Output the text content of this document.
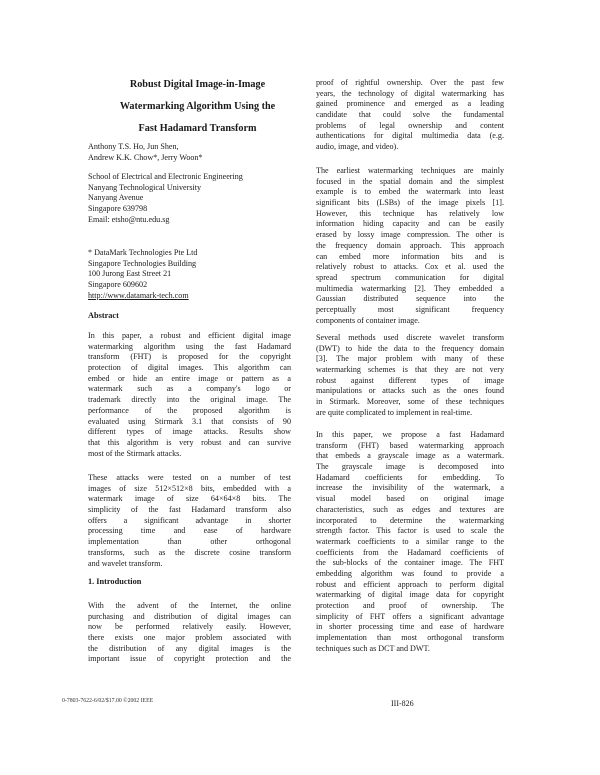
Robust Digital Image-in-Image
Watermarking Algorithm Using the
Fast Hadamard Transform
Anthony T.S. Ho, Jun Shen,
Andrew K.K. Chow*, Jerry Woon*
School of Electrical and Electronic Engineering
Nanyang Technological University
Nanyang Avenue
Singapore 639798
Email: etsho@ntu.edu.sg
* DataMark Technologies Pte Ltd
Singapore Technologies Building
100 Jurong East Street 21
Singapore 609602
http://www.datamark-tech.com
Abstract
In this paper, a robust and efficient digital image
watermarking algorithm using the fast Hadamard
transform (FHT) is proposed for the copyright
protection of digital images. This algorithm can
embed or hide an entire image or pattern as a
watermark such as a company's logo or
trademark directly into the original image. The
performance of the proposed algorithm is
evaluated using Stirmark 3.1 that consists of 90
different types of image attacks. Results show
that this algorithm is very robust and can survive
most of the Stirmark attacks.
These attacks were tested on a number of test
images of size 512×512×8 bits, embedded with a
watermark image of size 64×64×8 bits. The
simplicity of the fast Hadamard transform also
offers a significant advantage in shorter
processing time and ease of hardware
implementation than other orthogonal
transforms, such as the discrete cosine transform
and wavelet transform.
1. Introduction
With the advent of the Internet, the online
purchasing and distribution of digital images can
now be performed relatively easily. However,
there exists one major problem associated with
the distribution of any digital images is the
important issue of copyright protection and the
proof of rightful ownership. Over the past few
years, the technology of digital watermarking has
gained prominence and emerged as a leading
candidate that could solve the fundamental
problems of legal ownership and content
authentications for digital multimedia data (e.g.
audio, image, and video).
The earliest watermarking techniques are mainly
focused in the spatial domain and the simplest
example is to embed the watermark into least
significant bits (LSBs) of the image pixels [1].
However, this technique has relatively low
information hiding capacity and can be easily
erased by lossy image compression. The other is
the frequency domain approach. This approach
can embed more information bits and is
relatively robust to attacks. Cox et al. used the
spread spectrum communication for digital
multimedia watermarking [2]. They embedded a
Gaussian distributed sequence into the
perceptually most significant frequency
components of container image.
Several methods used discrete wavelet transform
(DWT) to hide the data to the frequency domain
[3]. The major problem with many of these
watermarking schemes is that they are not very
robust against different types of image
manipulations or attacks such as the ones found
in Stirmark. Moreover, some of these techniques
are quite complicated to implement in real-time.
In this paper, we propose a fast Hadamard
transform (FHT) based watermarking approach
that embeds a grayscale image as a watermark.
The grayscale image is decomposed into
Hadamard coefficients for embedding. To
increase the invisibility of the watermark, a
visual model based on original image
characteristics, such as edges and textures are
incorporated to determine the watermarking
strength factor. This factor is used to scale the
watermark coefficients to a similar range to the
coefficients from the Hadamard coefficients of
the sub-blocks of the container image. The FHT
embedding algorithm was found to provide a
robust and efficient approach to perform digital
watermarking of digital image data for copyright
protection and proof of ownership. The
simplicity of FHT offers a significant advantage
in shorter processing time and ease of hardware
implementation than most orthogonal transform
techniques such as DCT and DWT.
0-7803-7622-6/02/$17.00 ©2002 IEEE	III-826
